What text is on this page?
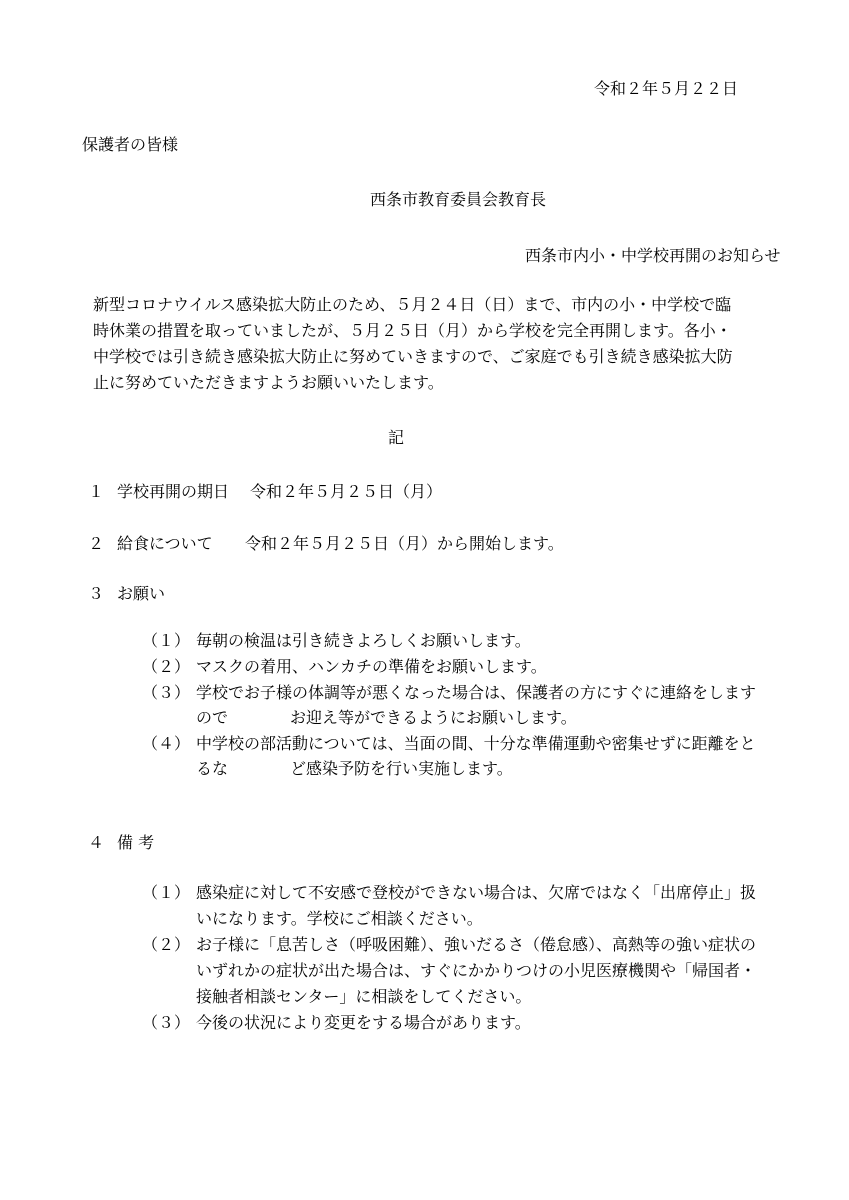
令和２年５月２２日
保護者の皆様
西条市教育委員会教育長
西条市内小・中学校再開のお知らせ
新型コロナウイルス感染拡大防止のため、５月２４日（日）まで、市内の小・中学校で臨
時休業の措置を取っていましたが、５月２５日（月）から学校を完全再開します。各小・
中学校では引き続き感染拡大防止に努めていきますので、ご家庭でも引き続き感染拡大防
止に努めていただきますようお願いいたします。
記
１ 学校再開の期日 令和２年５月２５日（月）
２ 給食について 令和２年５月２５日（月）から開始します。
３ お願い
（１） 毎朝の検温は引き続きよろしくお願いします。
（２） マスクの着用、ハンカチの準備をお願いします。
（３） 学校でお子様の体調等が悪くなった場合は、保護者の方にすぐに連絡をします
ので	お迎え等ができるようにお願いします。
（４） 中学校の部活動については、当面の間、十分な準備運動や密集せずに距離をと
るな	ど感染予防を行い実施します。
４ 備 考
（１） 感染症に対して不安感で登校ができない場合は、欠席ではなく「出席停止」扱
いになります。学校にご相談ください。
（２） お子様に「息苦しさ（呼吸困難）、強いだるさ（倦怠感）、高熱等の強い症状の
いずれかの症状が出た場合は、すぐにかかりつけの小児医療機関や「帰国者・
接触者相談センター」に相談をしてください。
（３） 今後の状況により変更をする場合があります。
